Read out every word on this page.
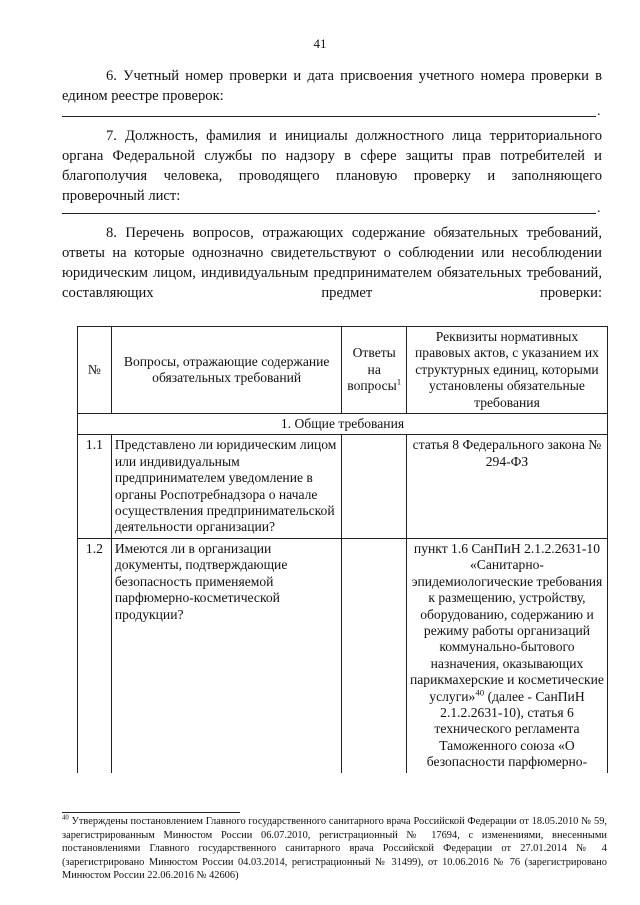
41
6. Учетный номер проверки и дата присвоения учетного номера проверки в едином реестре проверок:
.
7. Должность, фамилия и инициалы должностного лица территориального органа Федеральной службы по надзору в сфере защиты прав потребителей и благополучия человека, проводящего плановую проверку и заполняющего проверочный лист:
.
8. Перечень вопросов, отражающих содержание обязательных требований, ответы на которые однозначно свидетельствуют о соблюдении или несоблюдении юридическим лицом, индивидуальным предпринимателем обязательных требований, составляющих предмет проверки:
№	Вопросы, отражающие содержание обязательных требований	Ответы на вопросы$^1$	Реквизиты нормативных правовых актов, с указанием их структурных единиц, которыми установлены обязательные требования
1. Общие требования			
1.1	Представлено ли юридическим лицом или индивидуальным предпринимателем уведомление в органы Роспотребнадзора о начале осуществления предпринимательской деятельности организации?		статья 8 Федерального закона № 294-ФЗ
1.2	Имеются ли в организации документы, подтверждающие безопасность применяемой парфюмерно-косметической продукции?		пункт 1.6 СанПиН 2.1.2.2631-10 «Санитарно-эпидемиологические требования к размещению, устройству, оборудованию, содержанию и режиму работы организаций коммунально-бытового назначения, оказывающих парикмахерские и косметические услуги»$^{40}$ (далее - СанПиН 2.1.2.2631-10), статья 6 технического регламента Таможенного союза «О безопасности парфюмерно-
$^{40}$ Утверждены постановлением Главного государственного санитарного врача Российской Федерации от 18.05.2010 № 59, зарегистрированным Минюстом России 06.07.2010, регистрационный № 17694, с изменениями, внесенными постановлениями Главного государственного санитарного врача Российской Федерации от 27.01.2014 № 4 (зарегистрировано Минюстом России 04.03.2014, регистрационный № 31499), от 10.06.2016 № 76 (зарегистрировано Минюстом России 22.06.2016 № 42606)
